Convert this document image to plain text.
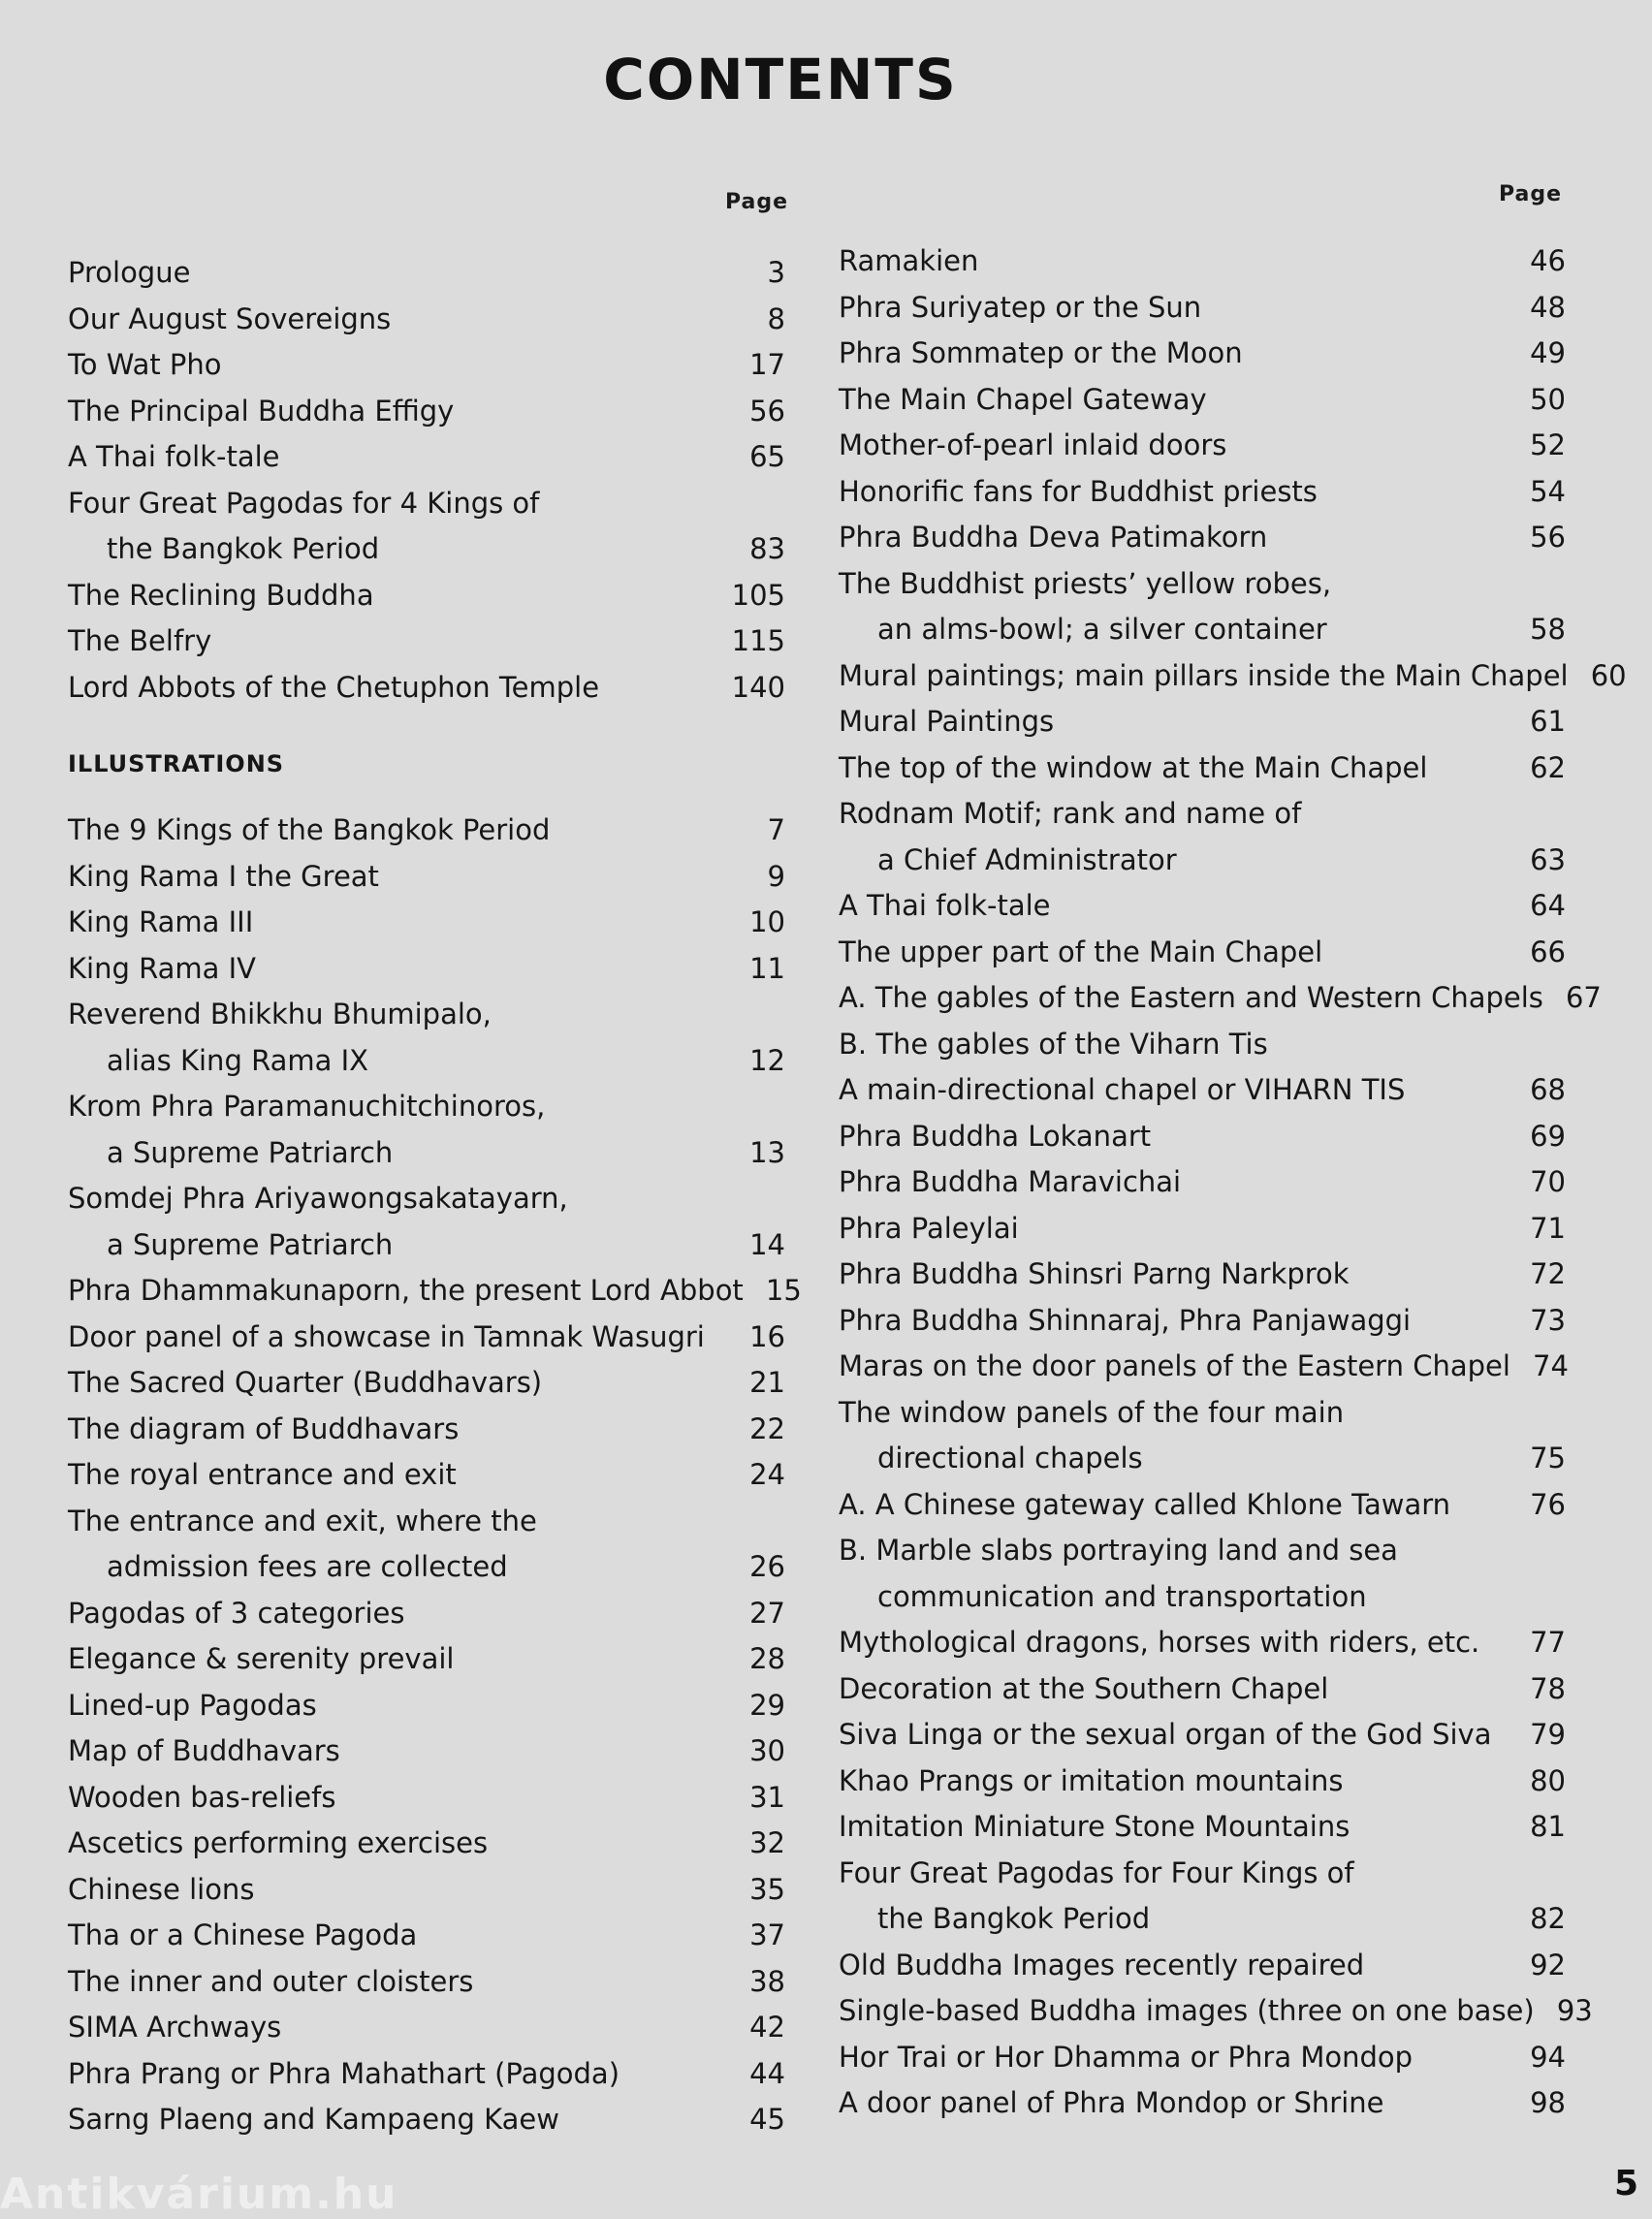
CONTENTS
Page	Page
Prologue	3
Our August Sovereigns	8
To Wat Pho	17
The Principal Buddha Effigy	56
A Thai folk-tale	65
Four Great Pagodas for 4 Kings of
the Bangkok Period	83
The Reclining Buddha	105
The Belfry	115
Lord Abbots of the Chetuphon Temple	140
ILLUSTRATIONS
The 9 Kings of the Bangkok Period	7
King Rama I the Great	9
King Rama III	10
King Rama IV	11
Reverend Bhikkhu Bhumipalo,
alias King Rama IX	12
Krom Phra Paramanuchitchinoros,
a Supreme Patriarch	13
Somdej Phra Ariyawongsakatayarn,
a Supreme Patriarch	14
Phra Dhammakunaporn, the present Lord Abbot 15
Door panel of a showcase in Tamnak Wasugri	16
The Sacred Quarter (Buddhavars)	21
The diagram of Buddhavars	22
The royal entrance and exit	24
The entrance and exit, where the
admission fees are collected	26
Pagodas of 3 categories	27
Elegance & serenity prevail	28
Lined-up Pagodas	29
Map of Buddhavars	30
Wooden bas-reliefs	31
Ascetics performing exercises	32
Chinese lions	35
Tha or a Chinese Pagoda	37
The inner and outer cloisters	38
SIMA Archways	42
Phra Prang or Phra Mahathart (Pagoda)	44
Sarng Plaeng and Kampaeng Kaew	45
Ramakien	46
Phra Suriyatep or the Sun	48
Phra Sommatep or the Moon	49
The Main Chapel Gateway	50
Mother-of-pearl inlaid doors	52
Honorific fans for Buddhist priests	54
Phra Buddha Deva Patimakorn	56
The Buddhist priests’ yellow robes,
an alms-bowl; a silver container	58
Mural paintings; main pillars inside the Main Chapel 60
Mural Paintings	61
The top of the window at the Main Chapel	62
Rodnam Motif; rank and name of
a Chief Administrator	63
A Thai folk-tale	64
The upper part of the Main Chapel	66
A. The gables of the Eastern and Western Chapels 67
B. The gables of the Viharn Tis
A main-directional chapel or VIHARN TIS	68
Phra Buddha Lokanart	69
Phra Buddha Maravichai	70
Phra Paleylai	71
Phra Buddha Shinsri Parng Narkprok	72
Phra Buddha Shinnaraj, Phra Panjawaggi	73
Maras on the door panels of the Eastern Chapel 74
The window panels of the four main
directional chapels	75
A. A Chinese gateway called Khlone Tawarn	76
B. Marble slabs portraying land and sea
communication and transportation
Mythological dragons, horses with riders, etc.	77
Decoration at the Southern Chapel	78
Siva Linga or the sexual organ of the God Siva	79
Khao Prangs or imitation mountains	80
Imitation Miniature Stone Mountains	81
Four Great Pagodas for Four Kings of
the Bangkok Period	82
Old Buddha Images recently repaired	92
Single-based Buddha images (three on one base) 93
Hor Trai or Hor Dhamma or Phra Mondop	94
A door panel of Phra Mondop or Shrine	98
Antikvárium.hu	5
